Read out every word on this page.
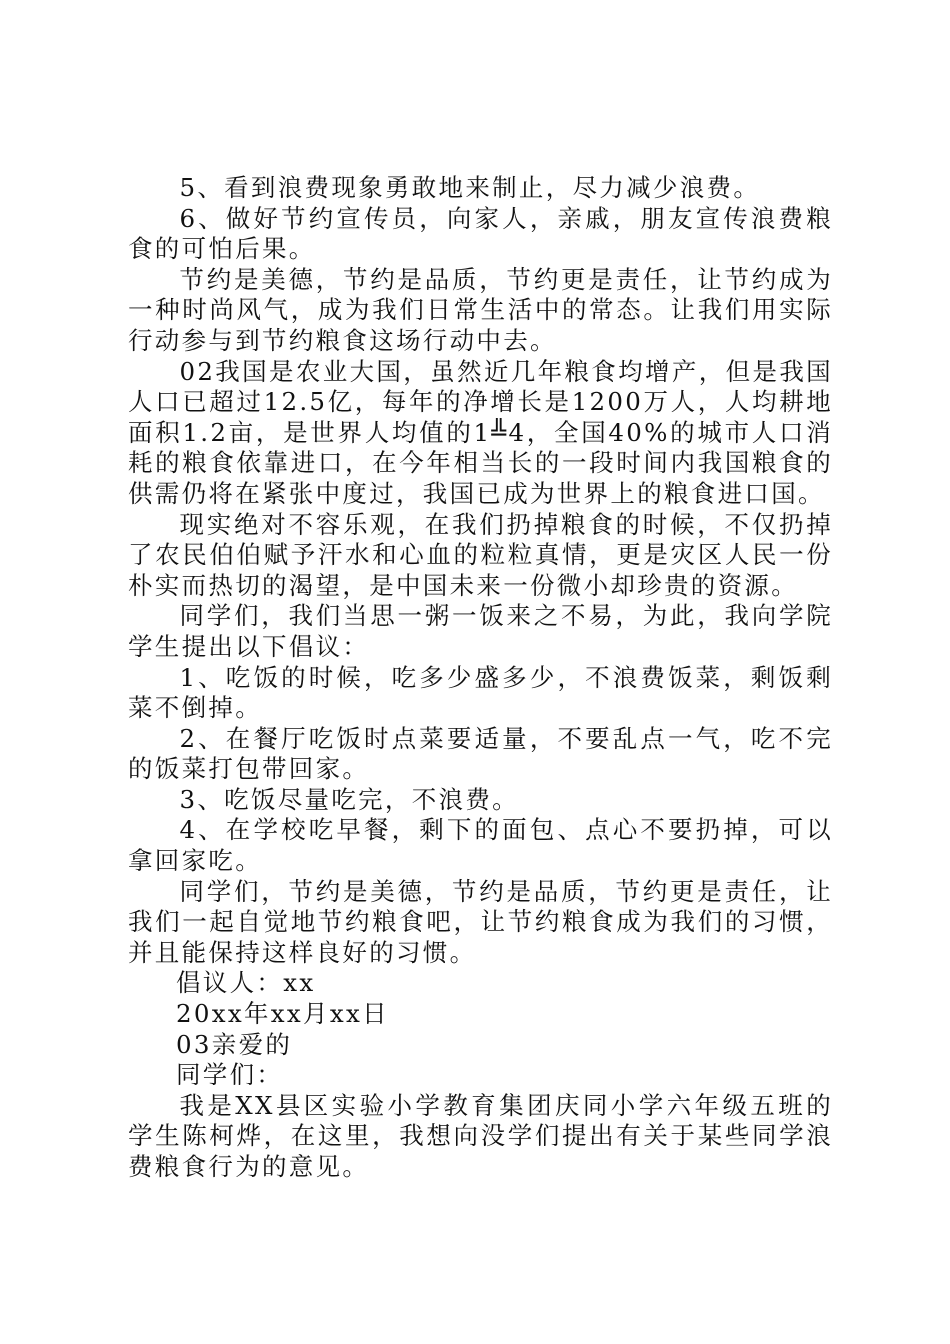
5、看到浪费现象勇敢地来制止，尽力减少浪费。

6、做好节约宣传员，向家人，亲戚，朋友宣传浪费粮食的可怕后果。

节约是美德，节约是品质，节约更是责任，让节约成为一种时尚风气，成为我们日常生活中的常态。让我们用实际行动参与到节约粮食这场行动中去。

02我国是农业大国，虽然近几年粮食均增产，但是我国人口已超过12.5亿，每年的净增长是1200万人，人均耕地面积1.2亩，是世界人均值的1╩4，全国40%的城市人口消耗的粮食依靠进口，在今年相当长的一段时间内我国粮食的供需仍将在紧张中度过，我国已成为世界上的粮食进口国。

现实绝对不容乐观，在我们扔掉粮食的时候，不仅扔掉了农民伯伯赋予汗水和心血的粒粒真情，更是灾区人民一份朴实而热切的渴望，是中国未来一份微小却珍贵的资源。

同学们，我们当思一粥一饭来之不易，为此，我向学院学生提出以下倡议：

1、吃饭的时候，吃多少盛多少，不浪费饭菜，剩饭剩菜不倒掉。

2、在餐厅吃饭时点菜要适量，不要乱点一气，吃不完的饭菜打包带回家。

3、吃饭尽量吃完，不浪费。

4、在学校吃早餐，剩下的面包、点心不要扔掉，可以拿回家吃。

同学们，节约是美德，节约是品质，节约更是责任，让我们一起自觉地节约粮食吧，让节约粮食成为我们的习惯，并且能保持这样良好的习惯。

倡议人：xx

20xx年xx月xx日

03亲爱的

同学们：

我是XX县区实验小学教育集团庆同小学六年级五班的学生陈柯烨，在这里，我想向没学们提出有关于某些同学浪费粮食行为的意见。
